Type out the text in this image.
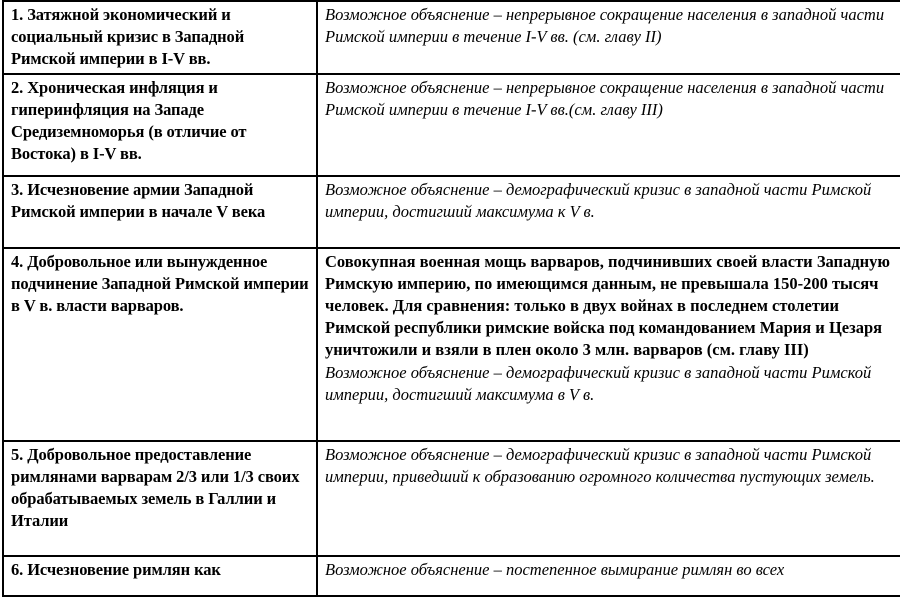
1. Затяжной экономический и социальный кризис в Западной Римской империи в I-V вв.	Возможное объяснение – непрерывное сокращение населения в западной части Римской империи в течение I-V вв. (см. главу II)

2. Хроническая инфляция и гиперинфляция на Западе Средиземноморья (в отличие от Востока) в I-V вв.	Возможное объяснение – непрерывное сокращение населения в западной части Римской империи в течение I-V вв.(см. главу III)

3. Исчезновение армии Западной Римской империи в начале V века	Возможное объяснение – демографический кризис в западной части Римской империи, достигший максимума к V в.

4. Добровольное или вынужденное подчинение Западной Римской империи в V в. власти варваров.	Совокупная военная мощь варваров, подчинивших своей власти Западную Римскую империю, по имеющимся данным, не превышала 150-200 тысяч человек. Для сравнения: только в двух войнах в последнем столетии Римской республики римские войска под командованием Мария и Цезаря уничтожили и взяли в плен около 3 млн. варваров (см. главу III)

Возможное объяснение – демографический кризис в западной части Римской империи, достигший максимума в V в.

5. Добровольное предоставление римлянами варварам 2/3 или 1/3 своих обрабатываемых земель в Галлии и Италии	Возможное объяснение – демографический кризис в западной части Римской империи, приведший к образованию огромного количества пустующих земель.

6. Исчезновение римлян как	Возможное объяснение – постепенное вымирание римлян во всех
